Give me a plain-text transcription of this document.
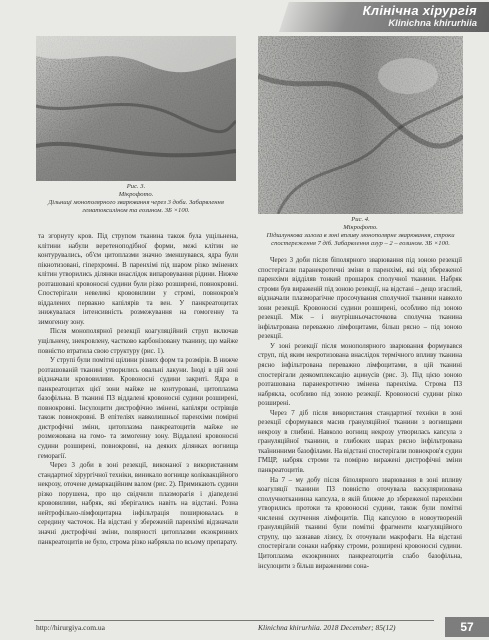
Клінічна хірургія
Klinichna khirurhiia
Рис. 3.
Мікрофото.
Дільниці монополярного зварювання через 3 доби. Забарвлення гематоксиліном та еозином. ЗБ ×100.
Рис. 4.
Мікрофото.
Підшлункова залоза в зоні впливу монополярне зварювання, строки спостереження 7 діб. Забарвлення азур – 2 – еозином. ЗБ ×100.

та згорнуту кров. Під струпом тканина також була ущільнена, клітини набули веретеноподібної форми, межі клітин не контурувались, об'єм цитоплазми значно зменшувався, ядра були пікнотизовані, гіперхромні. В паренхімі під шаром різко змінених клітин утворились ділянки внаслідок випаровування рідини. Нижче розташовані кровоносні судини були різко розширені, повнокровні. Спостерігали невеликі крововиливи у стромі, повнокров'я віддалених первакно капілярів та вен. У панкреатоцитах знижувалася інтенсивність розмежування на гомогенну та зимогенну зону.

Після монополярної резекції коагуляційний струп включав ущільнену, знекровлену, частково карбонізовану тканину, що майже повністю втратила свою структуру (рис. 1).

У струпі були помітні щілини різних форм та розмірів. В нижче розташованій тканині утворились овальні лакуни. Іноді в цій зоні відзначали крововиливи. Кровоносні судини закриті. Ядра в панкреатоцитах цієї зони майже не контуровані, цитоплазма базофільна. В тканині ПЗ віддалені кровоносні судини розширені, повнокровні. Інсулоцити дистрофічно змінені, капіляри острівців також повнокровні. В епітеліях навколишньої паренхіми помірні дистрофічні зміни, цитоплазма панкреатоцитів майже не розмежована на гомо- та зимогенну зону. Віддалені кровоносні судини розширені, повнокровні, на деяких ділянках вогнища геморагії.

Через 3 доби в зоні резекції, виконаної з використанням стандартної хірургічної техніки, виникало вогнище коліквакційного некрозу, оточене демаркаційним валом (рис. 2). Примикають судини різко порушена, про що свідчили плазморагія і діапедезні крововиливи, набряк, які зберігались навіть на відстані. Розна нейтрофільно-лімфоцитарна інфільтрація поширювалась в середину часточок. На відстані у збереженій паренхімі відзначали значні дистрофічні зміни, полярності цитоплазми екзокринних панкреатоцитів не було, строма різко набрякла по всьому препарату.

Через 3 доби після біполярного зварювання під зоною резекції спостерігали паранекротичні зміни в паренхімі, які від збереженої паренхіми відділяв тонкий прошарок сполучної тканини. Набряк строми був вираженій під зоною резекції, на відстані – дещо згаслий, відзначали плазморагічне просочування сполучної тканини навколо зони резекції. Кровоносні судини розширені, особливо під зоною резекції. Між – і внутрішньочасточкова сполучна тканина інфільтрована переважно лімфоцитами, більш рясно – під зоною резекції.

У зоні резекції після монополярного зварювання формувався струп, під яким некротизована внаслідок термічного впливу тканина рясно інфільтрована переважно лімфоцитами, в цій тканині спостерігали деякомплексацію ацинусів (рис. 3). Під цією зоною розташована паранекротично змінена паренхіма. Строма ПЗ набрякла, особливо під зоною резекції. Кровоносні судини різко розширені.

Через 7 діб після використання стандартної техніки в зоні резекції сформувався масив грануляційної тканини з вогнищами некрозу в глибині. Навколо вогнищ некрозу утворилась капсула з грануляційної тканини, в глибоких шарах рясно інфільтрована ткаїнинними базофілами. На відстані спостерігали повнокров'я судин ГМЦР, набряк строми та помірно виражені дистрофічні зміни панкреатоцитів.

На 7 – му добу після біполярного зварювання в зоні впливу коагуляції тканини ПЗ повністю оточувала васкуляризована сполучнотканинна капсула, в якій ближче до збереженої паренхіми утворились протоки та кровоносні судини, також були помітні численні скупчення лімфоцитів. Під капсулою в новоутвореній грануляційній тканині були помітні фрагменти коагуляційного струпу, що зазнавав лізису, їх оточували макрофаги. На відстані спостерігали сонаки набряку строми, розширені кровоносні судини. Цитоплазма екзокринних панкреатоцитів слабо базофільна, інсулоцити з більш вираженими сона-

http://hirurgiya.com.ua	Klinichna khirurhiia. 2018 December; 85(12)	57
